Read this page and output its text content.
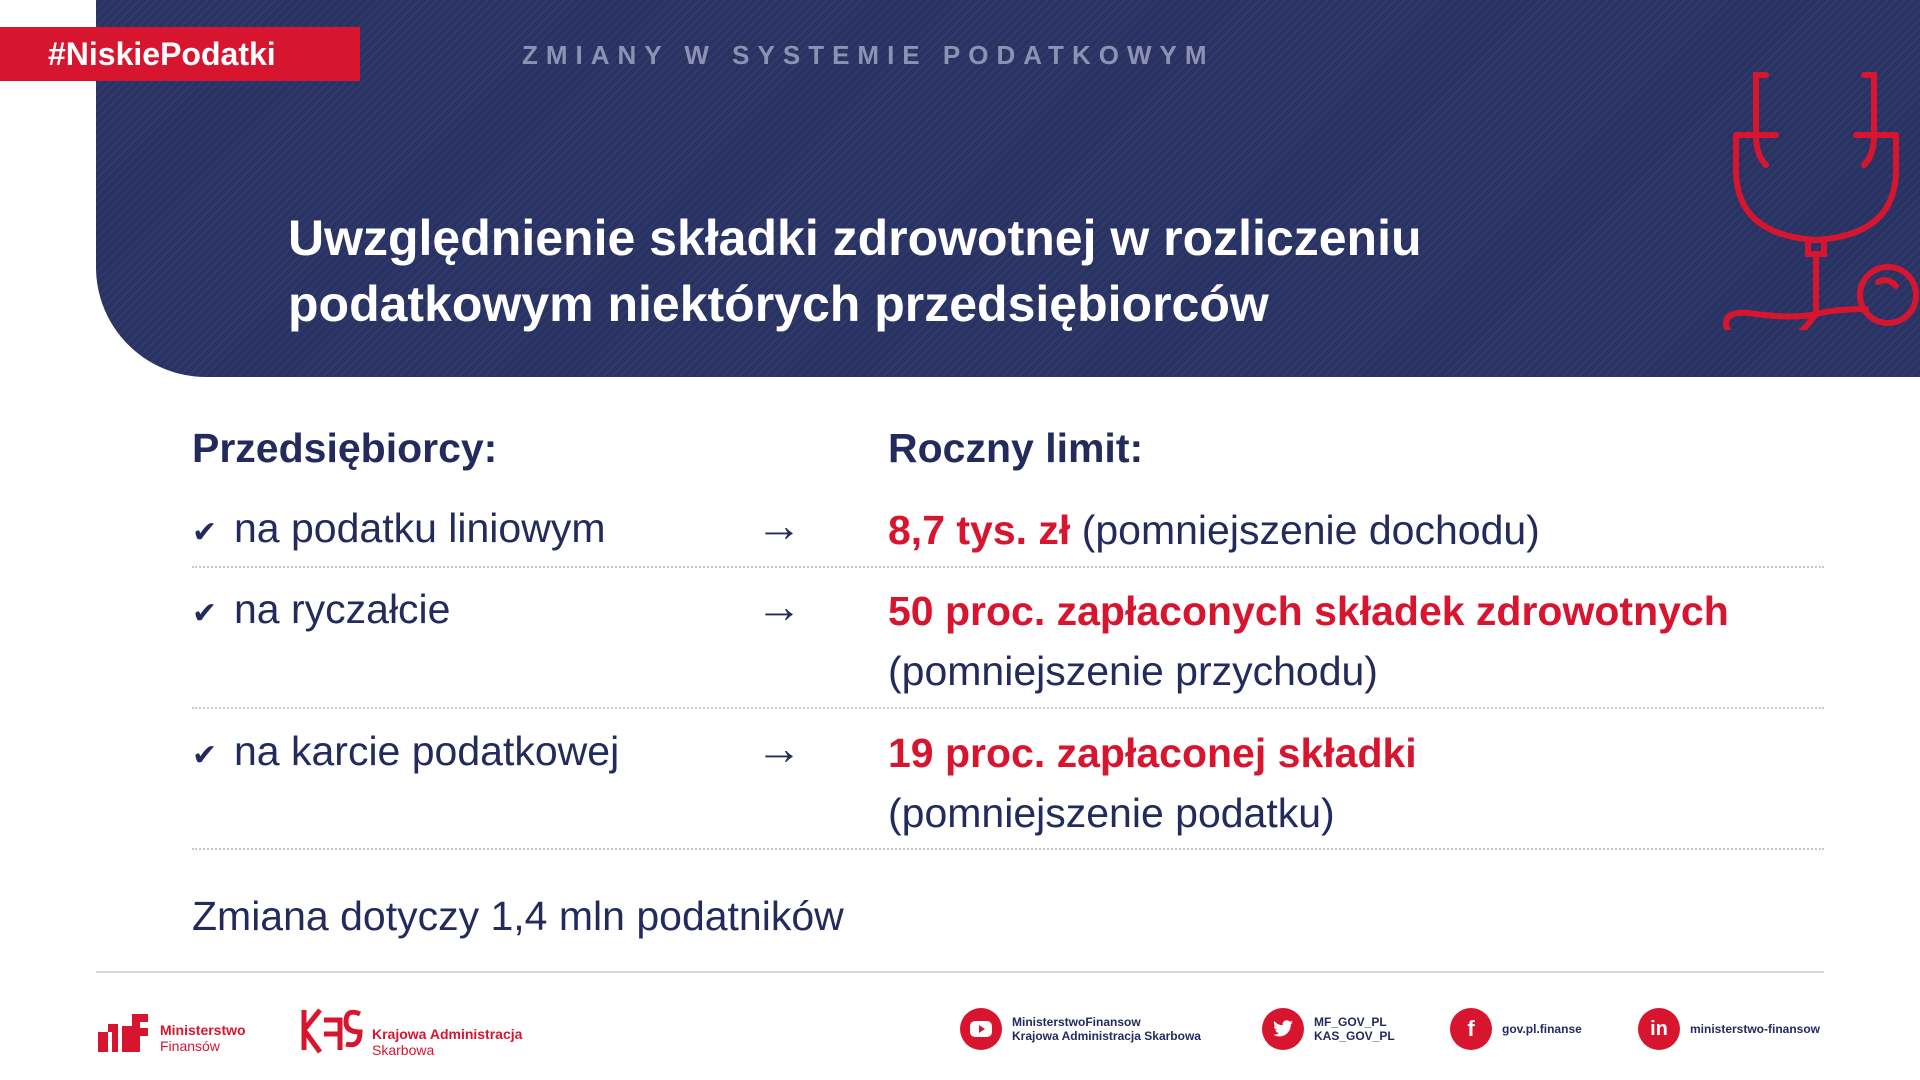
ZMIANY W SYSTEMIE PODATKOWYM
Uwzględnienie składki zdrowotnej w rozliczeniu
podatkowym niektórych przedsiębiorców
#NiskiePodatki
Przedsiębiorcy:	Roczny limit:
✔ na podatku liniowym	→ 8,7 tys. zł (pomniejszenie dochodu)
✔ na ryczałcie	→ 50 proc. zapłaconych składek zdrowotnych
(pomniejszenie przychodu)
✔ na karcie podatkowej	→ 19 proc. zapłaconej składki
(pomniejszenie podatku)
Zmiana dotyczy 1,4 mln podatników
Ministerstwo
Finansów
Krajowa Administracja
Skarbowa
MinisterstwoFinansow
Krajowa Administracja Skarbowa
MF_GOV_PL
KAS_GOV_PL	f	gov.pl.finanse	in	ministerstwo-finansow
